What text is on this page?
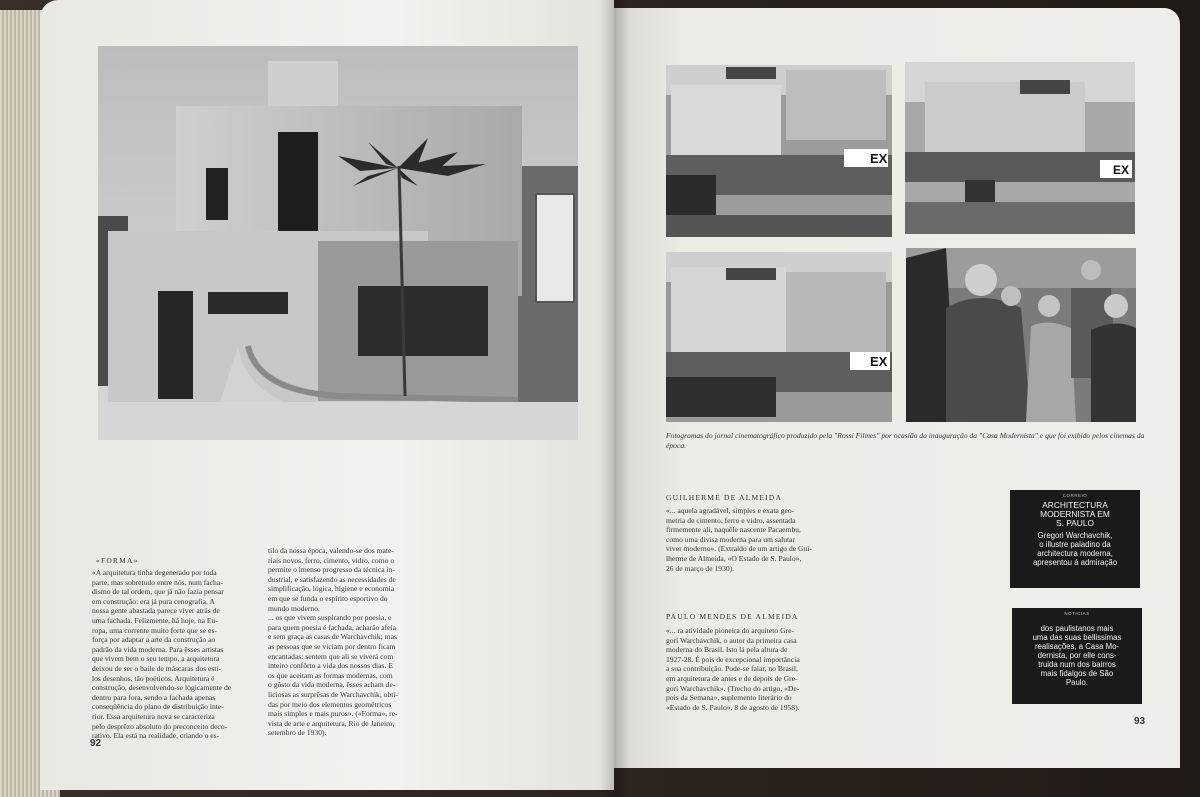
«FORMA»
«A arquitetura tinha degenerado por toda
parte, mas sobretudo entre nós, num facha-
dismo de tal ordem, que já não fazia pensar
em construção: era já pura cenografia. A
nossa gente abastada parece viver atrás de
uma fachada. Felizmente, há hoje, na Eu-
ropa, uma corrente muito forte que se es-
força por adaptar a arte da construção ao
padrão da vida moderna. Para êsses artistas
que vivem bem o seu tempo, a arquitetura
deixou de ser o baile de máscaras dos esti-
los desenhos, tão poéticos. Arquitetura é
construção, desenvolvendo-se lògicamente de
dentro para fora, sendo a fachada apenas
conseqüência do plano de distribuição inte-
rior. Essa arquitetura nova se caracteriza
pelo desprêzo absoluto do preconceito deco-
rativo. Ela está na realidade, criando o es-
tilo da nossa época, valendo-se dos mate-
riais novos, ferro, cimento, vidro, como o
permite o imenso progresso da técnica in-
dustrial, e satisfazendo as necessidades de
simplificação, lógica, higiene e economia
em que se funda o espírito esportivo do
mundo moderno.
... os que vivem suspirando por poesia, e
para quem poesia é fachada, acharão afeia
e sem graça as casas de Warchavchik; mas
as pessoas que se viciam por dentro ficam
encantadas: sentem que ali se viverá com
inteiro confôrto a vida dos nossos dias. E
os que aceitam as formas modernas, com
o gôsto da vida moderna, êsses acham de-
liciosas as surprêsas de Warchavchik, obti-
das por meio dos elementos geométricos
mais simples e mais puros». («Forma», re-
vista de arte e arquitetura, Rio de Janeiro,
setembro de 1930).
92
EX
EX
EX
Fotogramas do jornal cinematográfico produzido pela "Rossi Filmes" por ocasião da inauguração da "Casa Modernista" e que foi exibido pelos cinemas da época.
GUILHERME DE ALMEIDA
«... aquela agradável, simples e exata geo-
metria de cimento, ferro e vidro, assentada
firmemente ali, naquêle nascente Pacaembu,
como uma divisa moderna para um salutar
viver moderno». (Extraído de um artigo de Gui-
lherme de Almeida, «O Estado de S. Paulo»,
26 de março de 1930).
PAULO MENDES DE ALMEIDA
«... ra atividade pioneira do arquiteto Gre-
gori Warchavchik, o autor da primeira casa
moderna do Brasil. Isto lá pela altura de
1927-28. É pois de excepcional importância
a sua contribuição. Pode-se falar, no Brasil,
em arquitetura de antes e de depois de Gre-
gori Warchavchik». (Trecho do artigo, «De-
pois da Semana», suplemento literário do
«Estado de S. Paulo», 8 de agosto de 1958).
CORREIO
ARCHITECTURA
MODERNISTA EM
S. PAULO
Gregori Warchavchik,
o illustre paladino da
architectura moderna,
apresentou á admiração
NOTICIAS
dos paulistanos mais
uma das suas bellissimas
realisações, a Casa Mo-
dernista, por elle cons-
truida num dos bairros
mais fidalgos de São
Paulo.
93
